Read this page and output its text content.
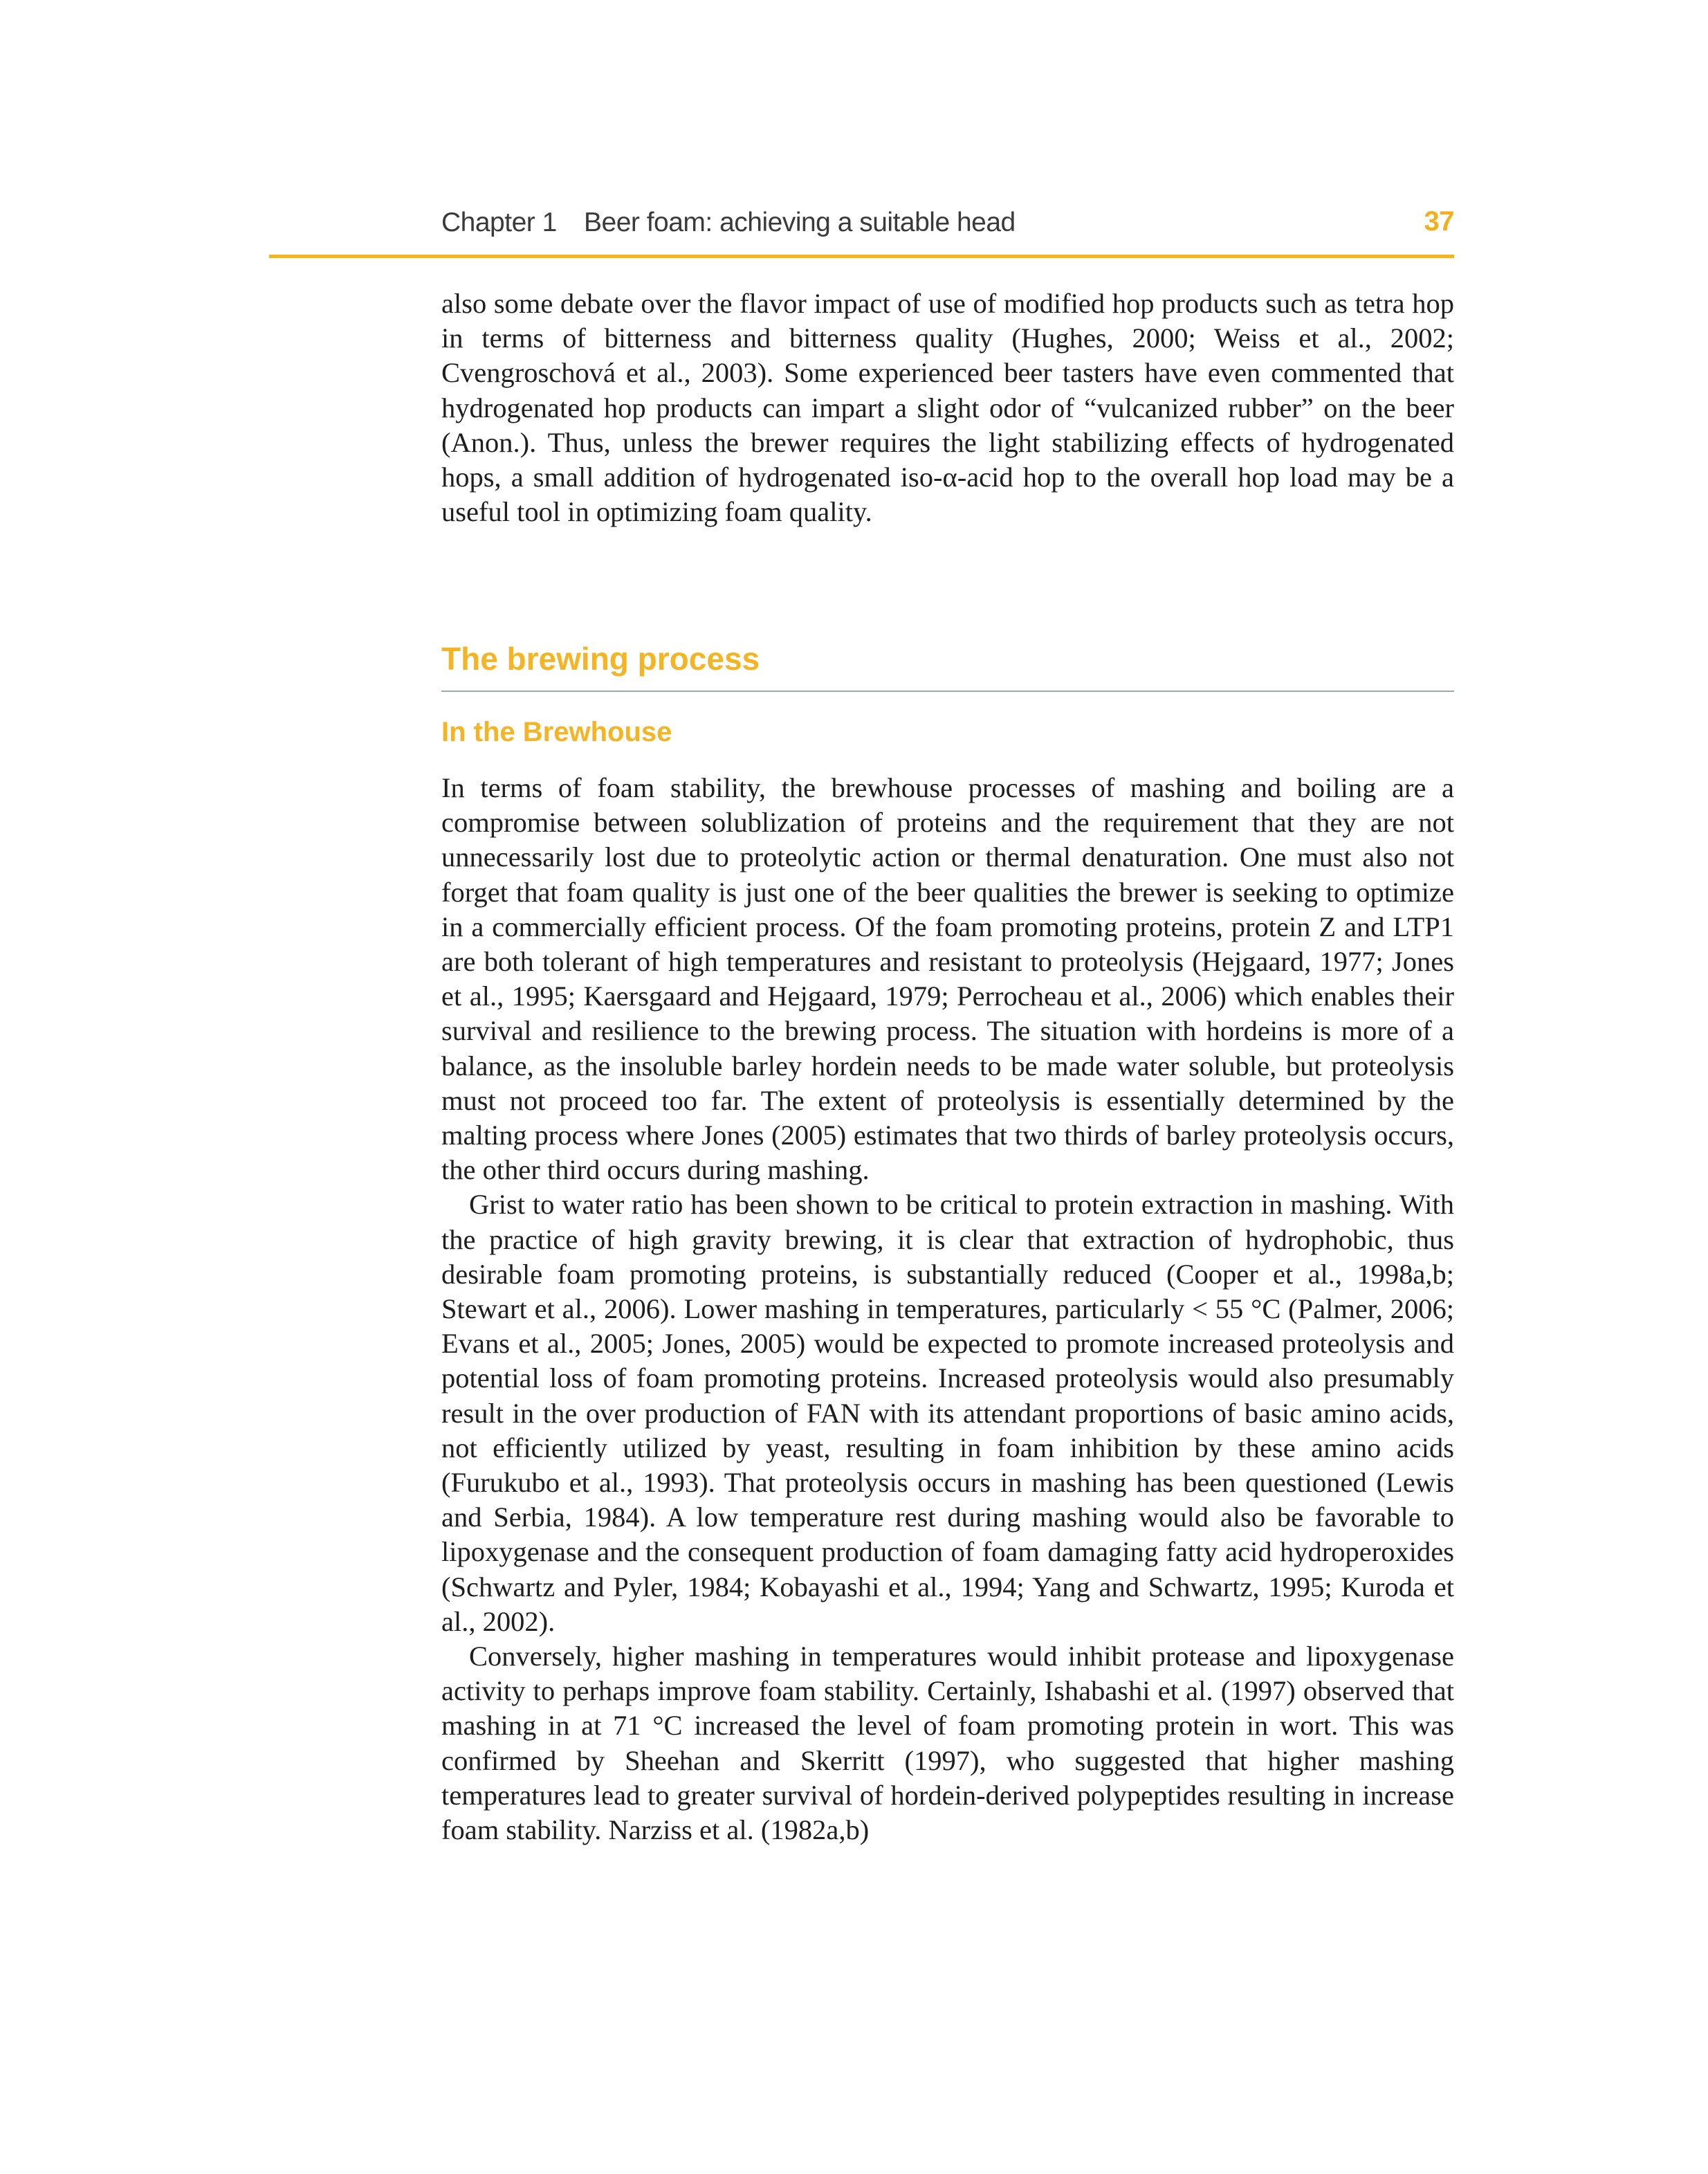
Chapter 1 Beer foam: achieving a suitable head	37

also some debate over the flavor impact of use of modified hop products such as tetra hop in terms of bitterness and bitterness quality (Hughes, 2000; Weiss et al., 2002; Cvengroschová et al., 2003). Some experienced beer tasters have even commented that hydrogenated hop products can impart a slight odor of “vulcanized rubber” on the beer (Anon.). Thus, unless the brewer requires the light stabilizing effects of hydrogenated hops, a small addition of hydrogenated iso-α-acid hop to the overall hop load may be a useful tool in optimizing foam quality.

The brewing process
In the Brewhouse

In terms of foam stability, the brewhouse processes of mashing and boiling are a compromise between solublization of proteins and the requirement that they are not unnecessarily lost due to proteolytic action or thermal denaturation. One must also not forget that foam quality is just one of the beer qualities the brewer is seeking to optimize in a commercially efficient process. Of the foam promoting proteins, protein Z and LTP1 are both tolerant of high temperatures and resistant to proteolysis (Hejgaard, 1977; Jones et al., 1995; Kaersgaard and Hejgaard, 1979; Perrocheau et al., 2006) which enables their survival and resilience to the brewing process. The situation with hordeins is more of a balance, as the insoluble barley hordein needs to be made water soluble, but proteolysis must not proceed too far. The extent of proteolysis is essentially determined by the malting process where Jones (2005) estimates that two thirds of barley proteolysis occurs, the other third occurs during mashing.

Grist to water ratio has been shown to be critical to protein extraction in mashing. With the practice of high gravity brewing, it is clear that extraction of hydrophobic, thus desirable foam promoting proteins, is substantially reduced (Cooper et al., 1998a,b; Stewart et al., 2006). Lower mashing in temperatures, particularly < 55 °C (Palmer, 2006; Evans et al., 2005; Jones, 2005) would be expected to promote increased proteolysis and potential loss of foam promoting proteins. Increased proteolysis would also presumably result in the over production of FAN with its attendant proportions of basic amino acids, not efficiently utilized by yeast, resulting in foam inhibition by these amino acids (Furukubo et al., 1993). That proteolysis occurs in mashing has been questioned (Lewis and Serbia, 1984). A low temperature rest during mashing would also be favorable to lipoxygenase and the consequent production of foam damaging fatty acid hydroperoxides (Schwartz and Pyler, 1984; Kobayashi et al., 1994; Yang and Schwartz, 1995; Kuroda et al., 2002).

Conversely, higher mashing in temperatures would inhibit protease and lipoxygenase activity to perhaps improve foam stability. Certainly, Ishabashi et al. (1997) observed that mashing in at 71 °C increased the level of foam promoting protein in wort. This was confirmed by Sheehan and Skerritt (1997), who suggested that higher mashing temperatures lead to greater survival of hordein-derived polypeptides resulting in increase foam stability. Narziss et al. (1982a,b)
